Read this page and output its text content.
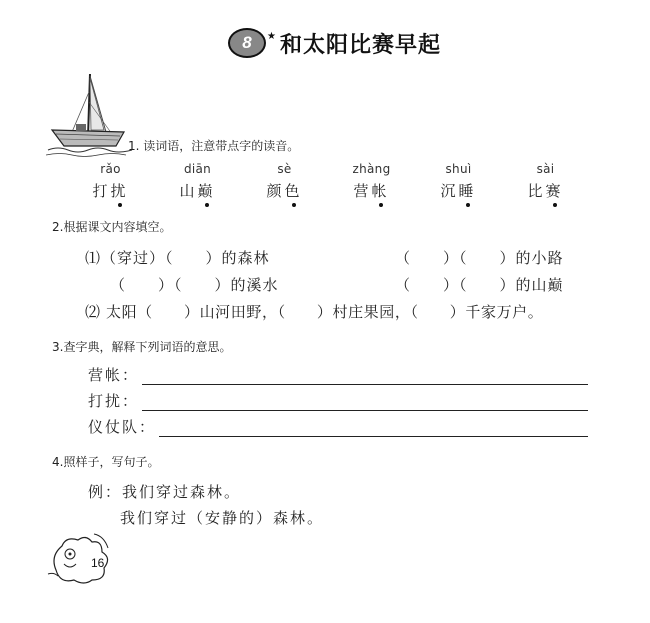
8	★ 和太阳比赛早起
1. 读词语，注意带点字的读音。
rǎo	diān	sè	zhàng	shuì	sài
打扰	山巅	颜色	营帐	沉睡	比赛
2.根据课文内容填空。
⑴（穿过）（　　）的森林	（　　）（　　）的小路
（　　）（　　）的溪水	（　　）（　　）的山巅
⑵ 太阳（　　）山河田野，（　　）村庄果园，（　　）千家万户。
3.查字典，解释下列词语的意思。
营帐：
打扰：
仪仗队：
4.照样子，写句子。
例：我们穿过森林。
我们穿过（安静的）森林。
16
